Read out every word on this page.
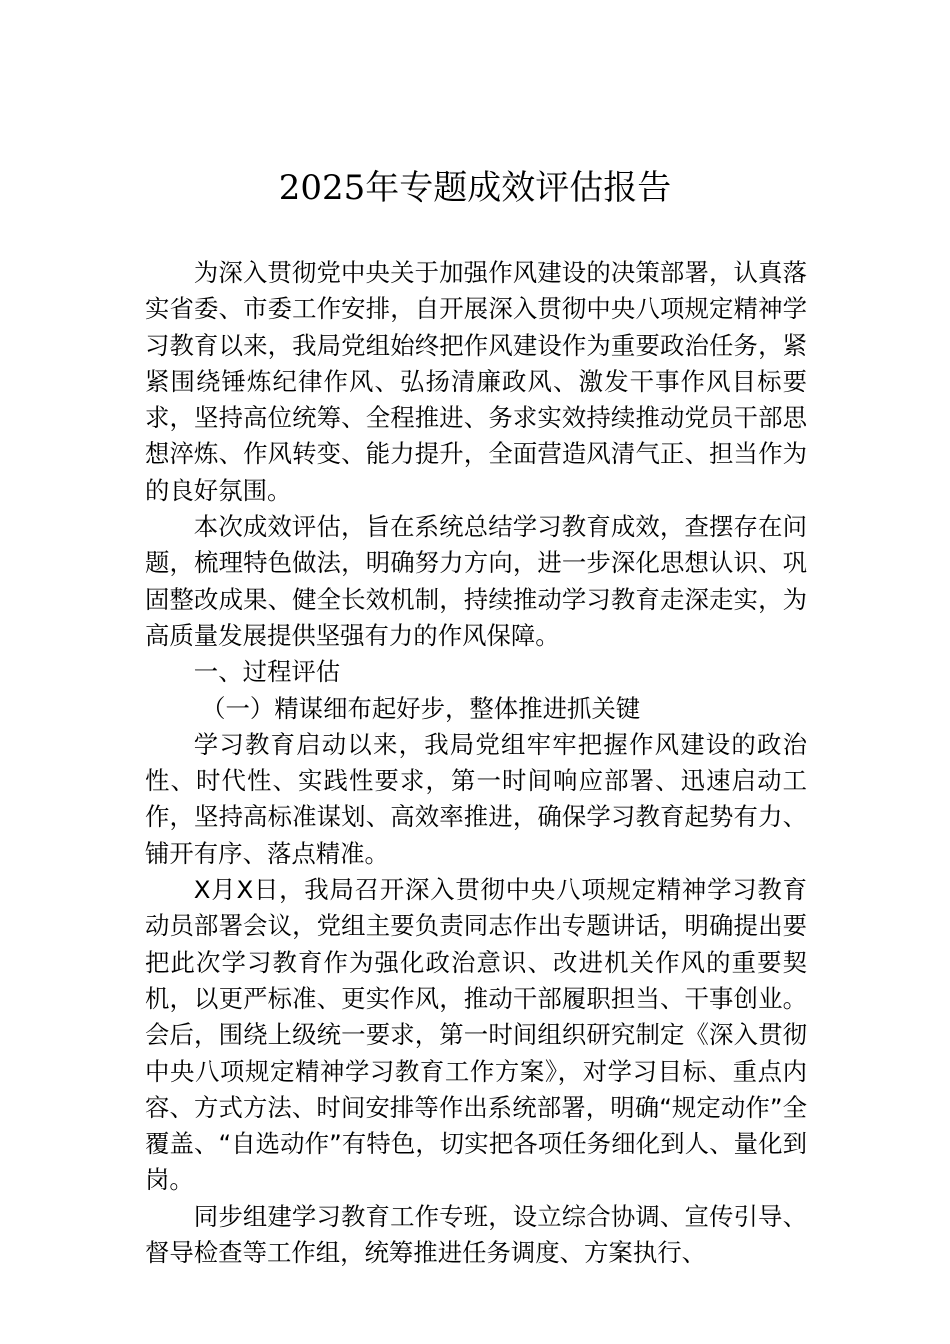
2025年专题成效评估报告

为深入贯彻党中央关于加强作风建设的决策部署，认真落实省委、市委工作安排，自开展深入贯彻中央八项规定精神学习教育以来，我局党组始终把作风建设作为重要政治任务，紧紧围绕锤炼纪律作风、弘扬清廉政风、激发干事作风目标要求，坚持高位统筹、全程推进、务求实效持续推动党员干部思想淬炼、作风转变、能力提升，全面营造风清气正、担当作为的良好氛围。

本次成效评估，旨在系统总结学习教育成效，查摆存在问题，梳理特色做法，明确努力方向，进一步深化思想认识、巩固整改成果、健全长效机制，持续推动学习教育走深走实，为高质量发展提供坚强有力的作风保障。

一、过程评估

（一）精谋细布起好步，整体推进抓关键

学习教育启动以来，我局党组牢牢把握作风建设的政治性、时代性、实践性要求，第一时间响应部署、迅速启动工作，坚持高标准谋划、高效率推进，确保学习教育起势有力、铺开有序、落点精准。

X月X日，我局召开深入贯彻中央八项规定精神学习教育动员部署会议，党组主要负责同志作出专题讲话，明确提出要把此次学习教育作为强化政治意识、改进机关作风的重要契机，以更严标准、更实作风，推动干部履职担当、干事创业。会后，围绕上级统一要求，第一时间组织研究制定《深入贯彻中央八项规定精神学习教育工作方案》，对学习目标、重点内容、方式方法、时间安排等作出系统部署，明确“规定动作”全覆盖、“自选动作”有特色，切实把各项任务细化到人、量化到岗。

同步组建学习教育工作专班，设立综合协调、宣传引导、督导检查等工作组，统筹推进任务调度、方案执行、
